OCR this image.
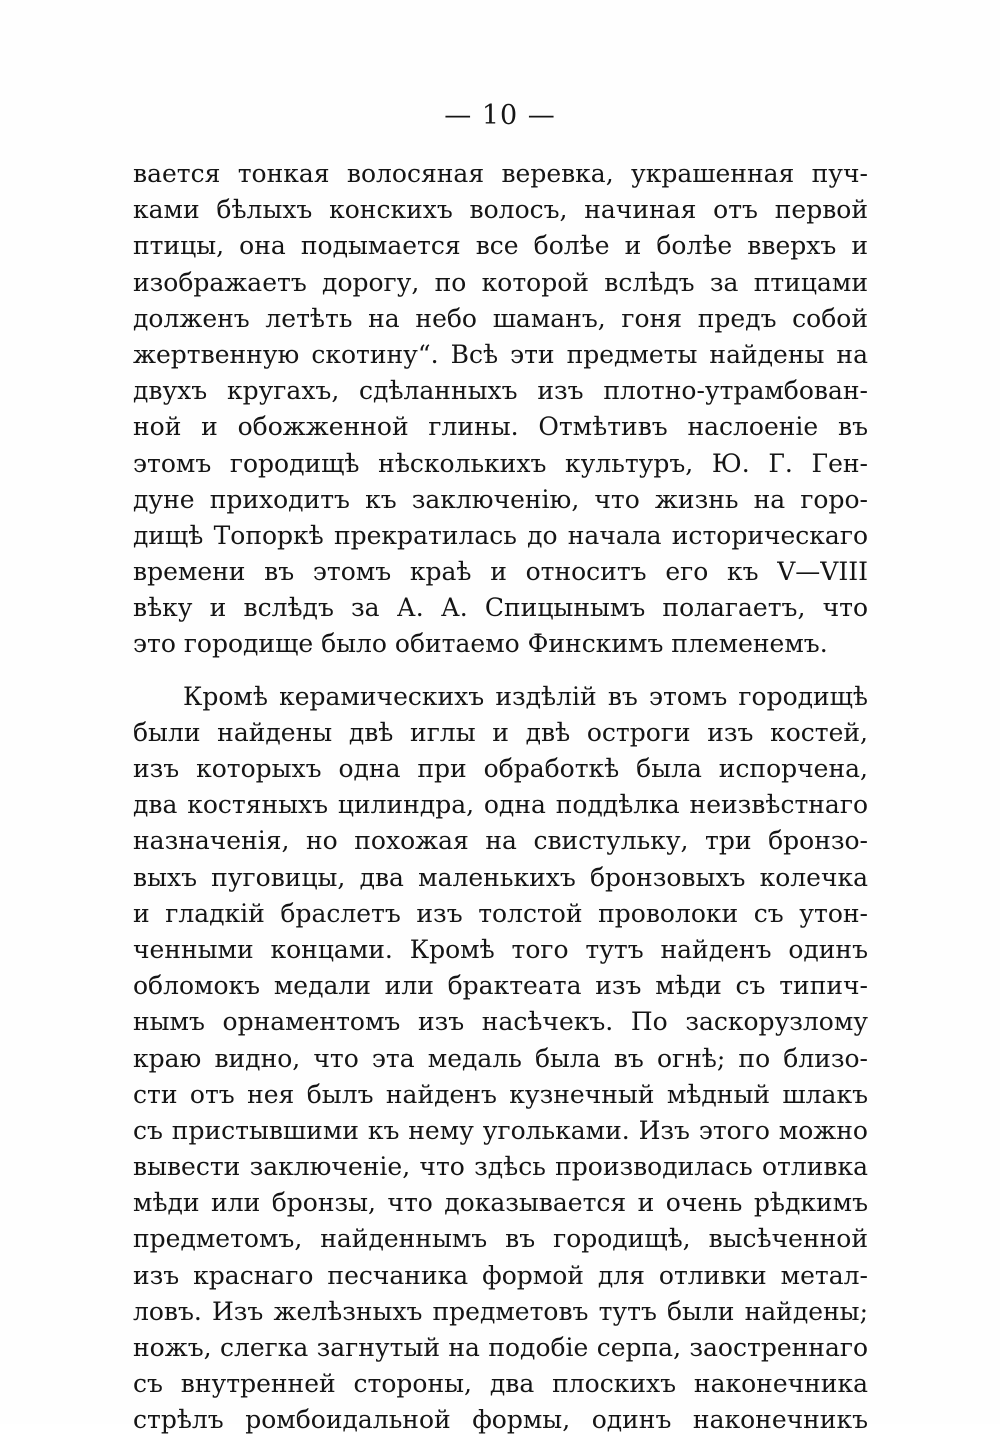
— 10 —
вается тонкая волосяная веревка, украшенная пуч-
ками бѣлыхъ конскихъ волосъ, начиная отъ первой
птицы, она подымается все болѣе и болѣе вверхъ и
изображаетъ дорогу, по которой вслѣдъ за птицами
долженъ летѣть на небо шаманъ, гоня предъ собой
жертвенную скотину“. Всѣ эти предметы найдены на
двухъ кругахъ, сдѣланныхъ изъ плотно-утрамбован-
ной и обожженной глины. Отмѣтивъ наслоеніе въ
этомъ городищѣ нѣсколькихъ культуръ, Ю. Г. Ген-
дуне приходитъ къ заключенію, что жизнь на горо-
дищѣ Топоркѣ прекратилась до начала историческаго
времени въ этомъ краѣ и относитъ его къ V—VIII
вѣку и вслѣдъ за А. А. Спицынымъ полагаетъ, что
это городище было обитаемо Финскимъ племенемъ.
Кромѣ керамическихъ издѣлій въ этомъ городищѣ
были найдены двѣ иглы и двѣ остроги изъ костей,
изъ которыхъ одна при обработкѣ была испорчена,
два костяныхъ цилиндра, одна поддѣлка неизвѣстнаго
назначенія, но похожая на свистульку, три бронзо-
выхъ пуговицы, два маленькихъ бронзовыхъ колечка
и гладкій браслетъ изъ толстой проволоки съ утон-
ченными концами. Кромѣ того тутъ найденъ одинъ
обломокъ медали или брактеата изъ мѣди съ типич-
нымъ орнаментомъ изъ насѣчекъ. По заскорузлому
краю видно, что эта медаль была въ огнѣ; по близо-
сти отъ нея былъ найденъ кузнечный мѣдный шлакъ
съ пристывшими къ нему угольками. Изъ этого можно
вывести заключеніе, что здѣсь производилась отливка
мѣди или бронзы, что доказывается и очень рѣдкимъ
предметомъ, найденнымъ въ городищѣ, высѣченной
изъ краснаго песчаника формой для отливки метал-
ловъ. Изъ желѣзныхъ предметовъ тутъ были найдены;
ножъ, слегка загнутый на подобіе серпа, заостреннаго
съ внутренней стороны, два плоскихъ наконечника
стрѣлъ ромбоидальной формы, одинъ наконечникъ
